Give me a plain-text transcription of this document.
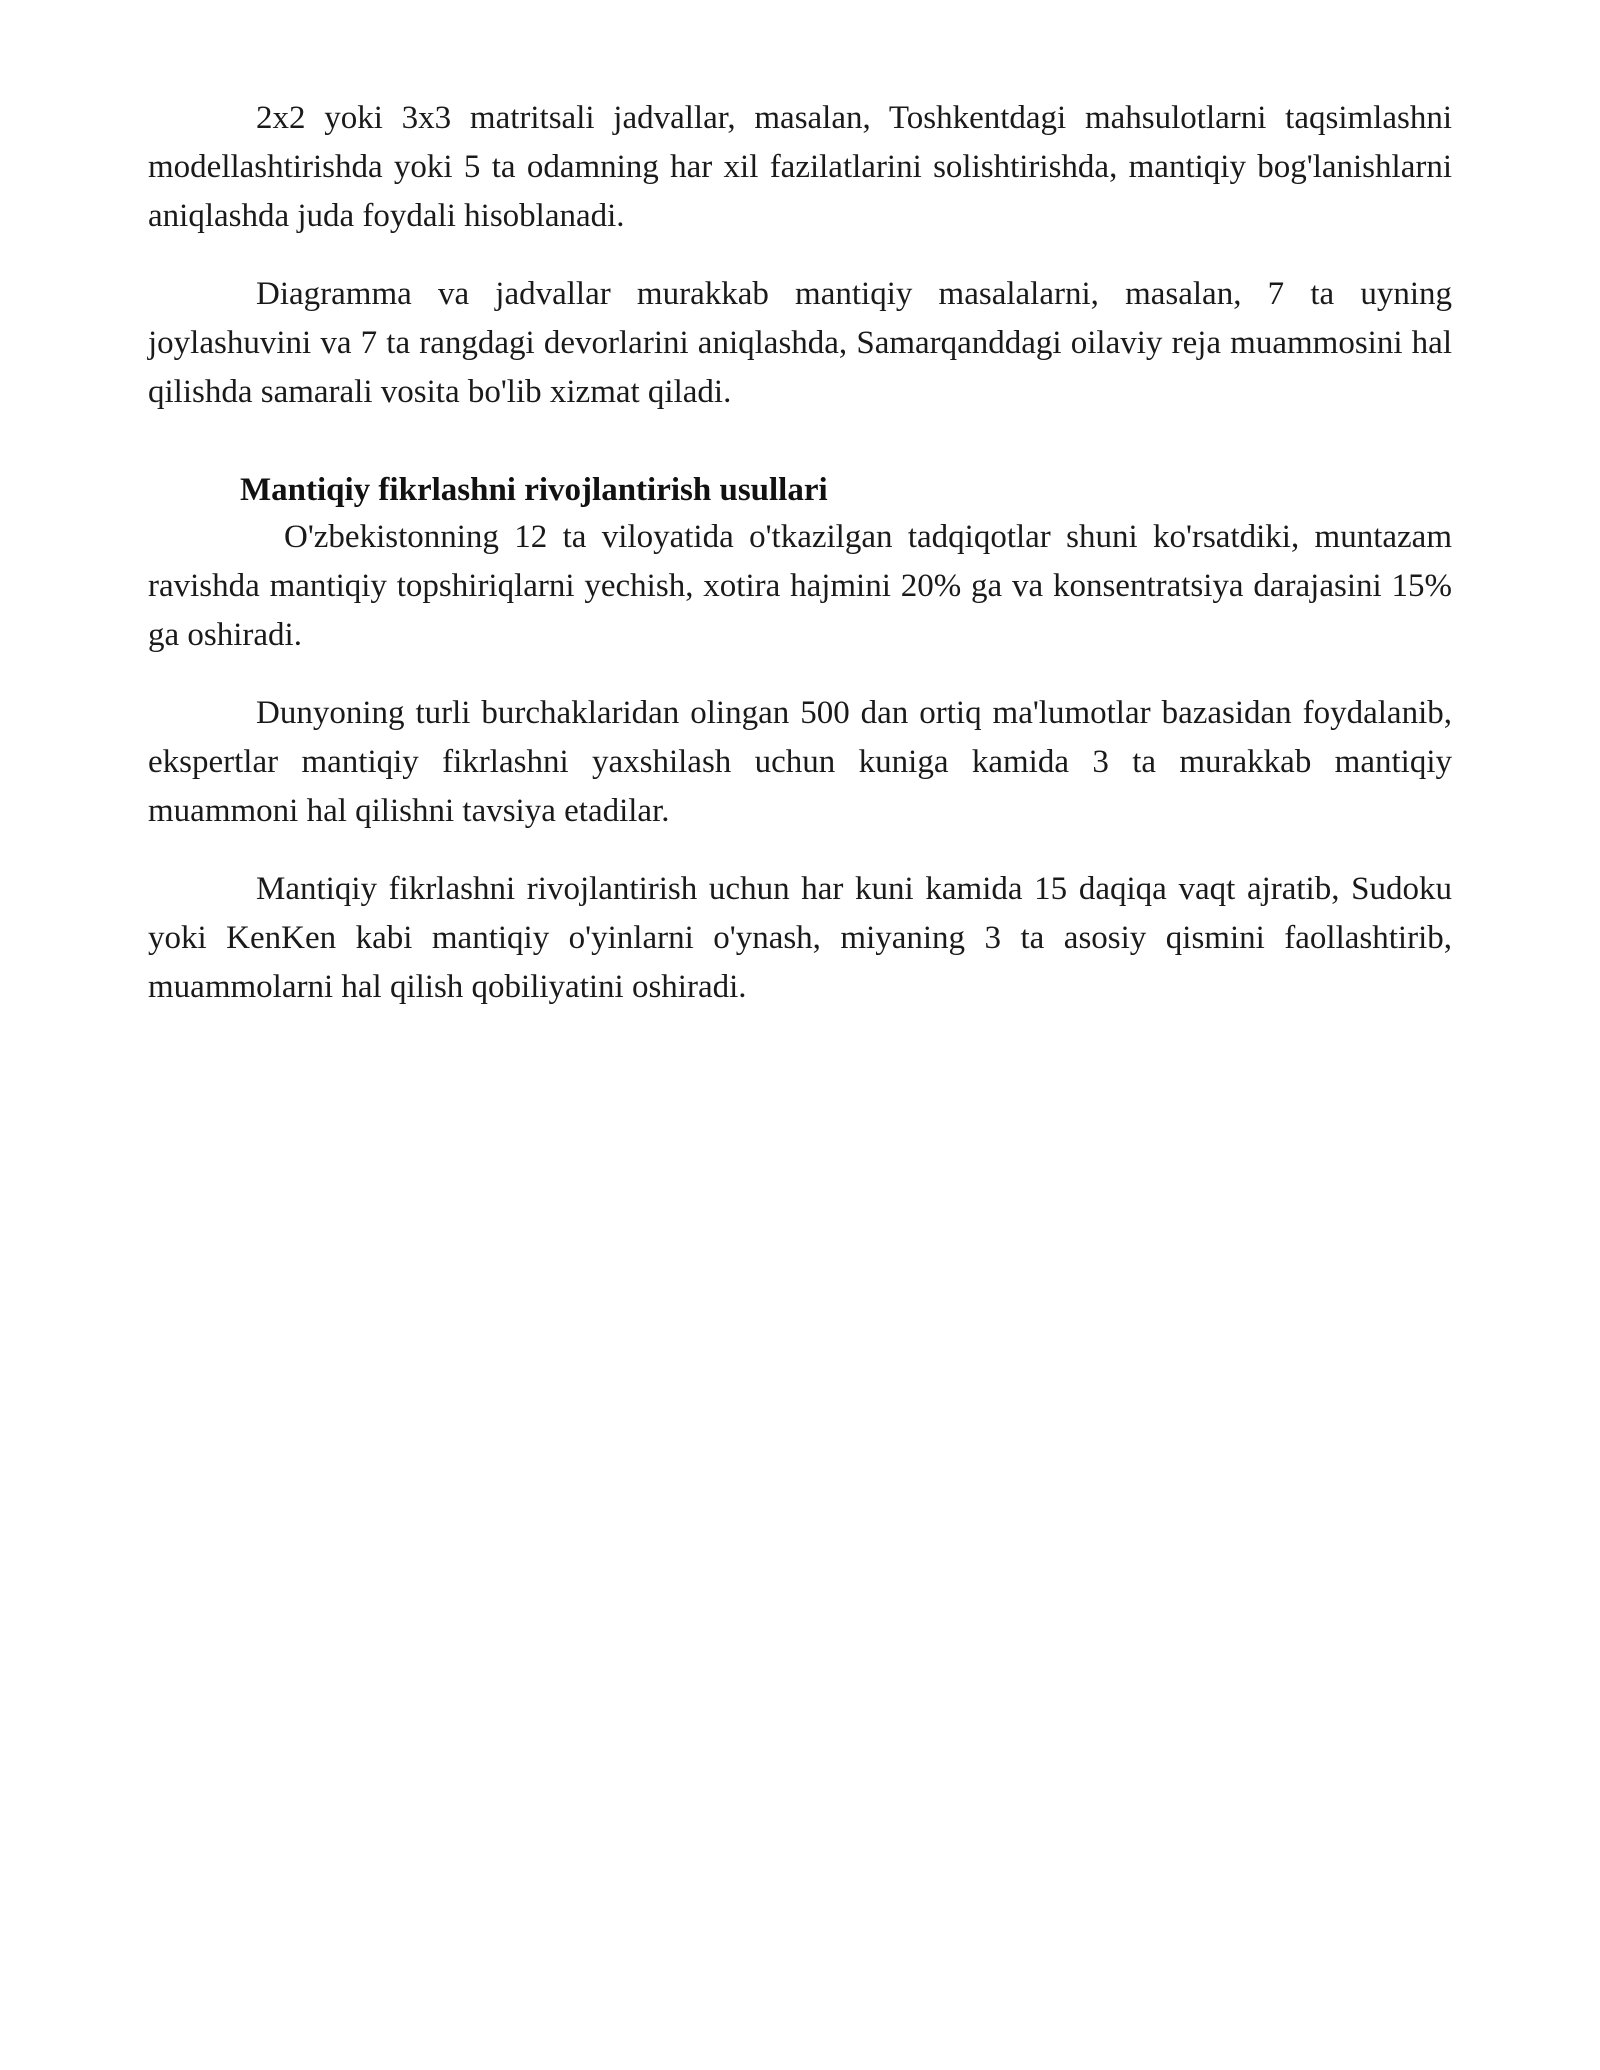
2x2 yoki 3x3 matritsali jadvallar, masalan, Toshkentdagi mahsulotlarni taqsimlashni modellashtirishda yoki 5 ta odamning har xil fazilatlarini solishtirishda, mantiqiy bog'lanishlarni aniqlashda juda foydali hisoblanadi.

Diagramma va jadvallar murakkab mantiqiy masalalarni, masalan, 7 ta uyning joylashuvini va 7 ta rangdagi devorlarini aniqlashda, Samarqanddagi oilaviy reja muammosini hal qilishda samarali vosita bo'lib xizmat qiladi.

Mantiqiy fikrlashni rivojlantirish usullari

O'zbekistonning 12 ta viloyatida o'tkazilgan tadqiqotlar shuni ko'rsatdiki, muntazam ravishda mantiqiy topshiriqlarni yechish, xotira hajmini 20% ga va konsentratsiya darajasini 15% ga oshiradi.

Dunyoning turli burchaklaridan olingan 500 dan ortiq ma'lumotlar bazasidan foydalanib, ekspertlar mantiqiy fikrlashni yaxshilash uchun kuniga kamida 3 ta murakkab mantiqiy muammoni hal qilishni tavsiya etadilar.

Mantiqiy fikrlashni rivojlantirish uchun har kuni kamida 15 daqiqa vaqt ajratib, Sudoku yoki KenKen kabi mantiqiy o'yinlarni o'ynash, miyaning 3 ta asosiy qismini faollashtirib, muammolarni hal qilish qobiliyatini oshiradi.
